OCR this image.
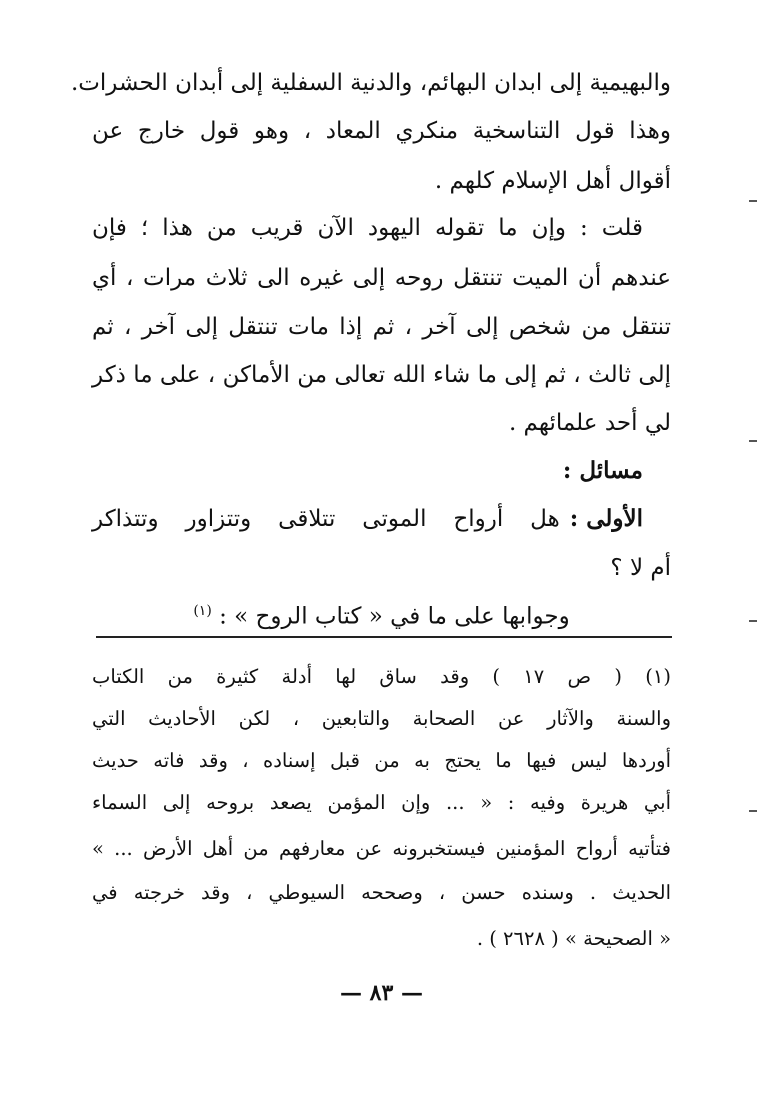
والبهيمية إلى ابدان البهائم، والدنية السفلية إلى أبدان الحشرات.
وهذا قول التناسخية منكري المعاد ، وهو قول خارج عن
أقوال أهل الإسلام كلهم .
قلت : وإن ما تقوله اليهود الآن قريب من هذا ؛ فإن
عندهم أن الميت تنتقل روحه إلى غيره الى ثلاث مرات ، أي
تنتقل من شخص إلى آخر ، ثم إذا مات تنتقل إلى آخر ، ثم
إلى ثالث ، ثم إلى ما شاء الله تعالى من الأماكن ، على ما ذكر
لي أحد علمائهم .
مسائل :
الأولى :
هل أرواح الموتى تتلاقى وتتزاور وتتذاكر
أم لا ؟
وجوابها على ما في « كتاب الروح » : $^{(١)}$
(١) ( ص ١٧ ) وقد ساق لها أدلة كثيرة من الكتاب
والسنة والآثار عن الصحابة والتابعين ، لكن الأحاديث التي
أوردها ليس فيها ما يحتج به من قبل إسناده ، وقد فاته حديث
أبي هريرة وفيه : « ... وإن المؤمن يصعد بروحه إلى السماء
فتأتيه أرواح المؤمنين فيستخبرونه عن معارفهم من أهل الأرض ... »
الحديث . وسنده حسن ، وصححه السيوطي ، وقد خرجته في
« الصحيحة » ( ٢٦٢٨ ) .
— ٨٣ —
